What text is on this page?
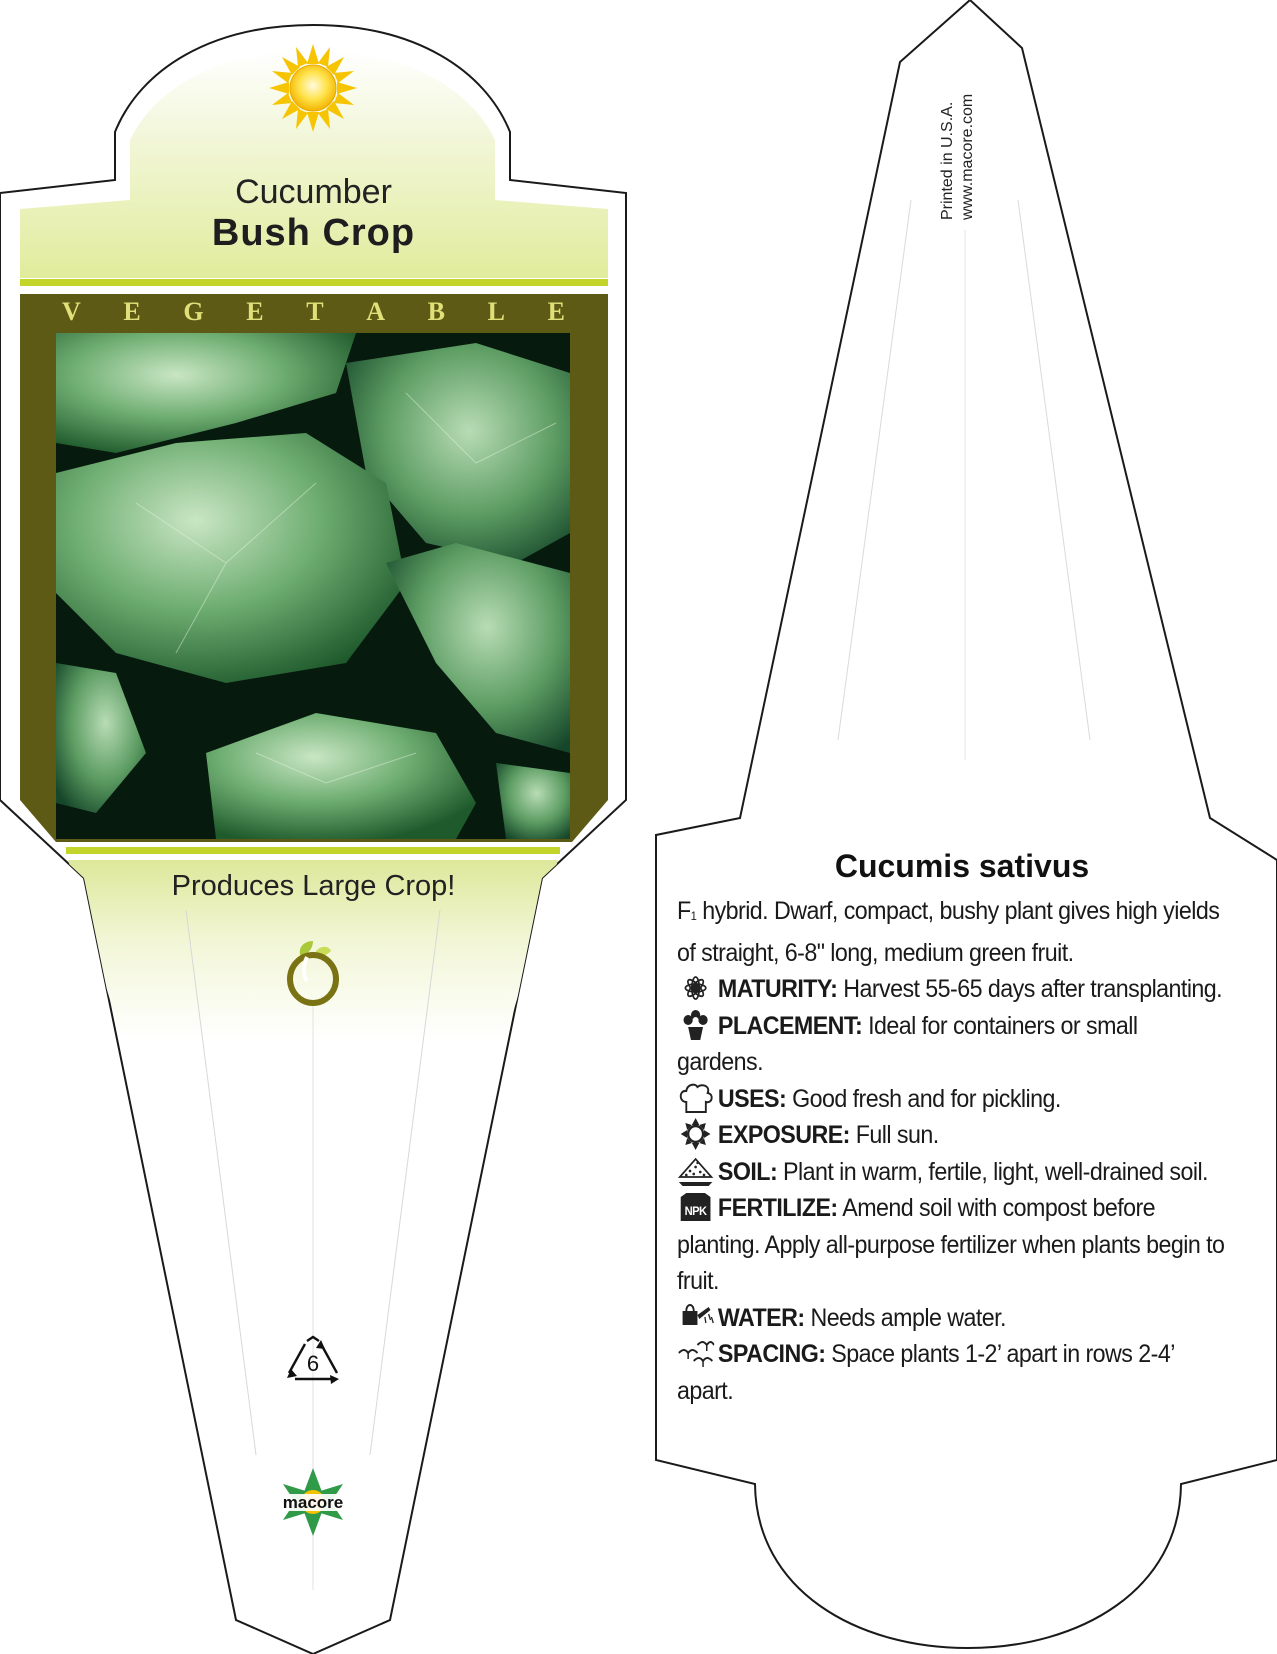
Cucumber
Bush Crop
V E G E T A B L E
Produces Large Crop!
6
macore
Printed in U.S.A. www.macore.com
Cucumis sativus

$F_1$ hybrid. Dwarf, compact, bushy plant gives high yields of straight, 6-8" long, medium green fruit.

MATURITY: Harvest 55-65 days after transplanting.

PLACEMENT: Ideal for containers or small gardens.

USES: Good fresh and for pickling.

EXPOSURE: Full sun.

SOIL: Plant in warm, fertile, light, well-drained soil.

NPK FERTILIZE: Amend soil with compost before planting. Apply all-purpose fertilizer when plants begin to fruit.

WATER: Needs ample water.

SPACING: Space plants 1-2’ apart in rows 2-4’ apart.
